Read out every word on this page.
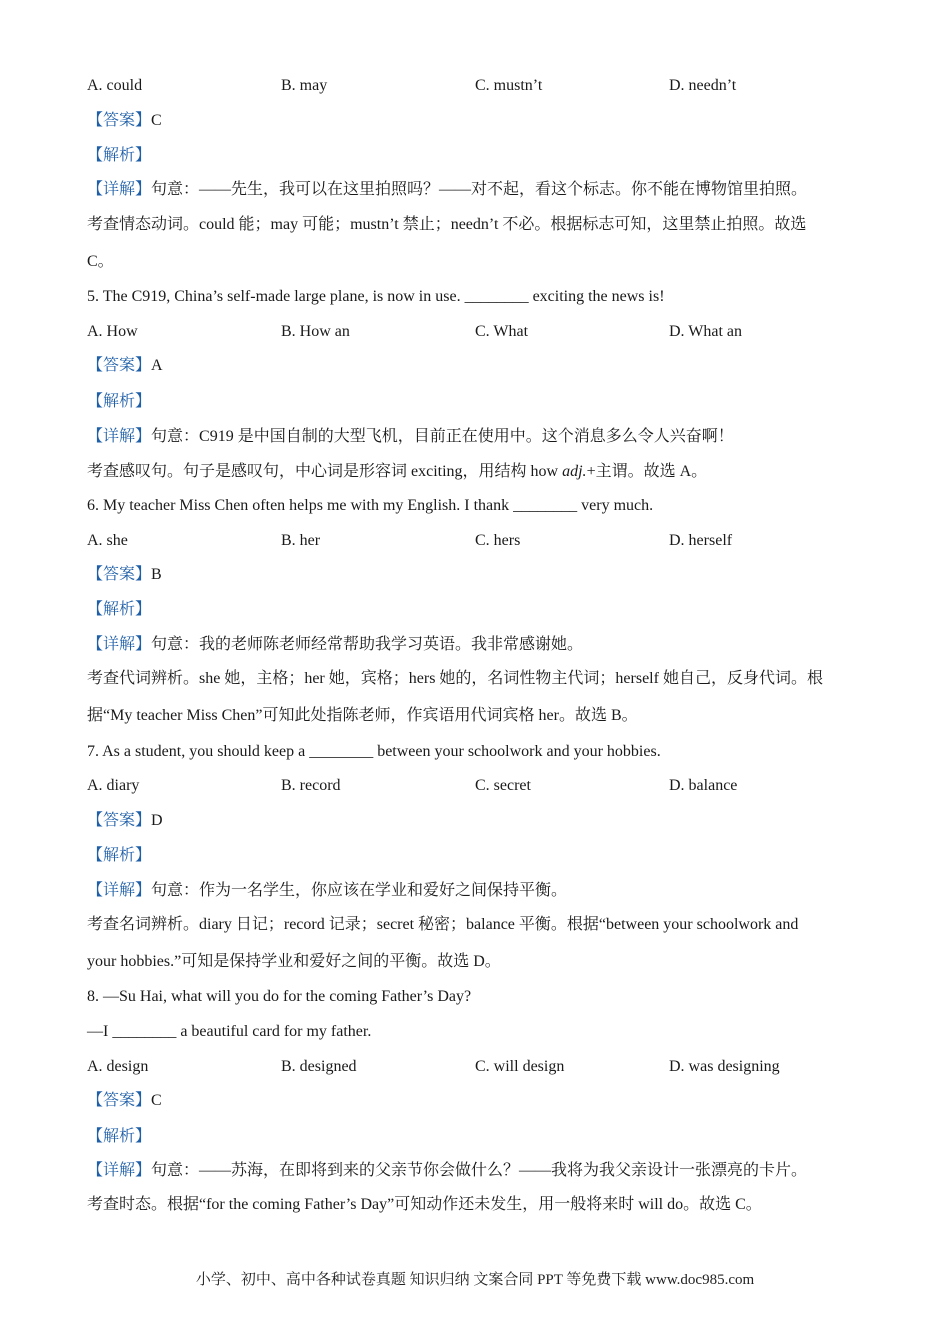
A. could	B. may	C. mustn’t	D. needn’t
【答案】C
【解析】
【详解】句意：——先生，我可以在这里拍照吗？——对不起，看这个标志。你不能在博物馆里拍照。
考查情态动词。could 能；may 可能；mustn’t 禁止；needn’t 不必。根据标志可知，这里禁止拍照。故选
C。
5. The C919, China’s self-made large plane, is now in use. ________ exciting the news is!
A. How	B. How an	C. What	D. What an
【答案】A
【解析】
【详解】句意：C919 是中国自制的大型飞机，目前正在使用中。这个消息多么令人兴奋啊！
考查感叹句。句子是感叹句，中心词是形容词 exciting，用结构 how adj.+主谓。故选 A。
6. My teacher Miss Chen often helps me with my English. I thank ________ very much.
A. she	B. her	C. hers	D. herself
【答案】B
【解析】
【详解】句意：我的老师陈老师经常帮助我学习英语。我非常感谢她。
考查代词辨析。she 她，主格；her 她，宾格；hers 她的，名词性物主代词；herself 她自己，反身代词。根
据“My teacher Miss Chen”可知此处指陈老师，作宾语用代词宾格 her。故选 B。
7. As a student, you should keep a ________ between your schoolwork and your hobbies.
A. diary	B. record	C. secret	D. balance
【答案】D
【解析】
【详解】句意：作为一名学生，你应该在学业和爱好之间保持平衡。
考查名词辨析。diary 日记；record 记录；secret 秘密；balance 平衡。根据“between your schoolwork and
your hobbies.”可知是保持学业和爱好之间的平衡。故选 D。
8. —Su Hai, what will you do for the coming Father’s Day?
—I ________ a beautiful card for my father.
A. design	B. designed	C. will design	D. was designing
【答案】C
【解析】
【详解】句意：——苏海，在即将到来的父亲节你会做什么？——我将为我父亲设计一张漂亮的卡片。
考查时态。根据“for the coming Father’s Day”可知动作还未发生，用一般将来时 will do。故选 C。
小学、初中、高中各种试卷真题 知识归纳 文案合同 PPT 等免费下载 www.doc985.com
